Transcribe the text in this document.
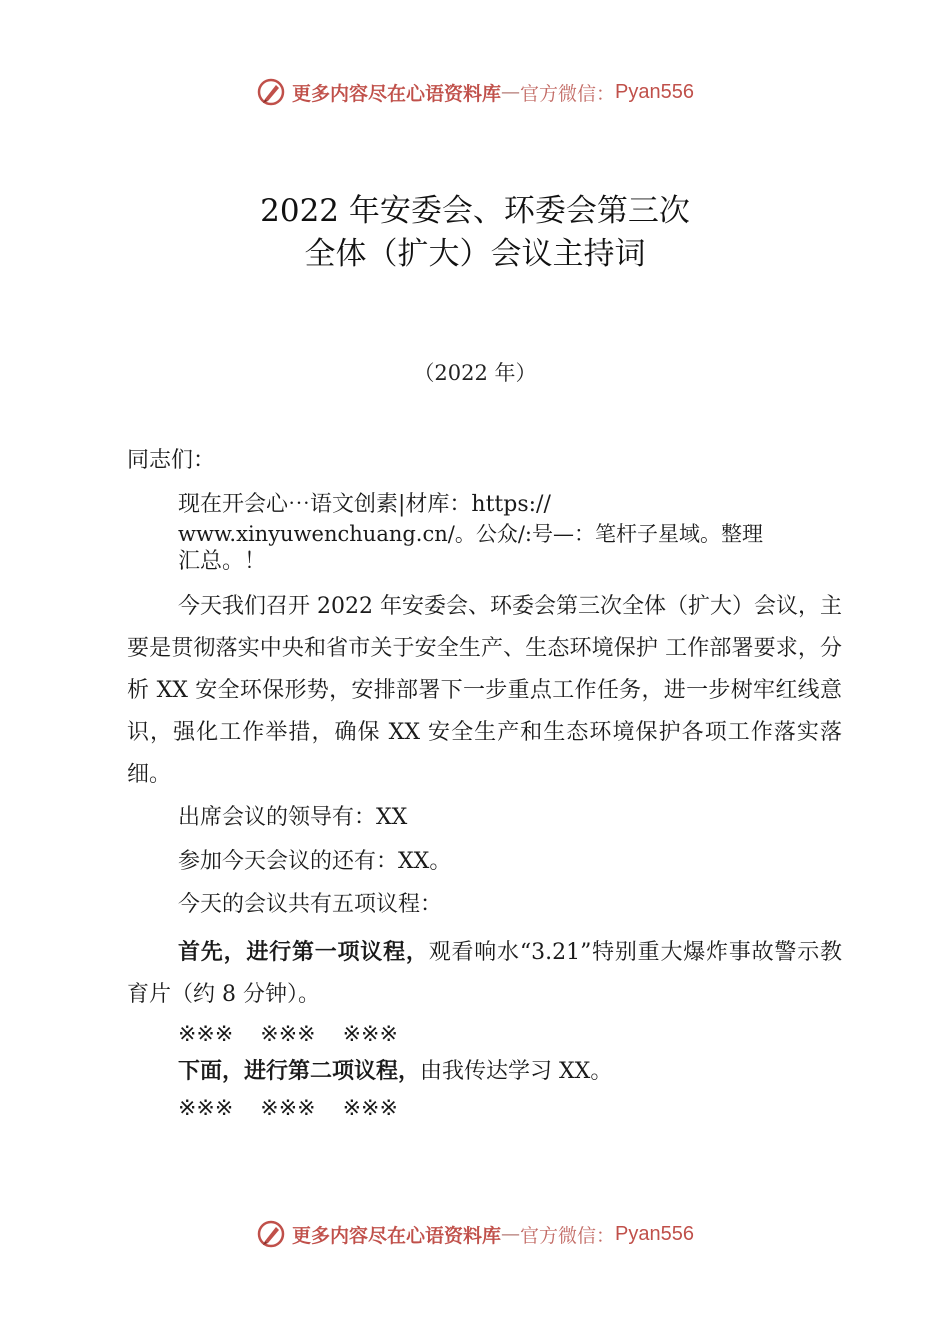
更多内容尽在心语资料库 — 官方微信： Pyan556
2022 年安委会、环委会第三次
全体（扩大）会议主持词
（2022 年）
同志们：
现在开会心⋯语文创素|材库：https://
www.xinyuwenchuang.cn/。公众/:号—：笔杆子星域。整理
汇总。！
今天我们召开 2022 年安委会、环委会第三次全体（扩大）会议，主要是贯彻落实中央和省市关于安全生产、生态环境保护 工作部署要求，分析 XX 安全环保形势，安排部署下一步重点工作任务，进一步树牢红线意识，强化工作举措，确保 XX 安全生产和生态环境保护各项工作落实落细。
出席会议的领导有：XX
参加今天会议的还有：XX。
今天的会议共有五项议程：
首先，进行第一项议程，观看响水“3.21”特别重大爆炸事故警示教育片（约 8 分钟）。
※※※ ※※※ ※※※
下面，进行第二项议程，由我传达学习 XX。
※※※ ※※※ ※※※
更多内容尽在心语资料库 — 官方微信： Pyan556
